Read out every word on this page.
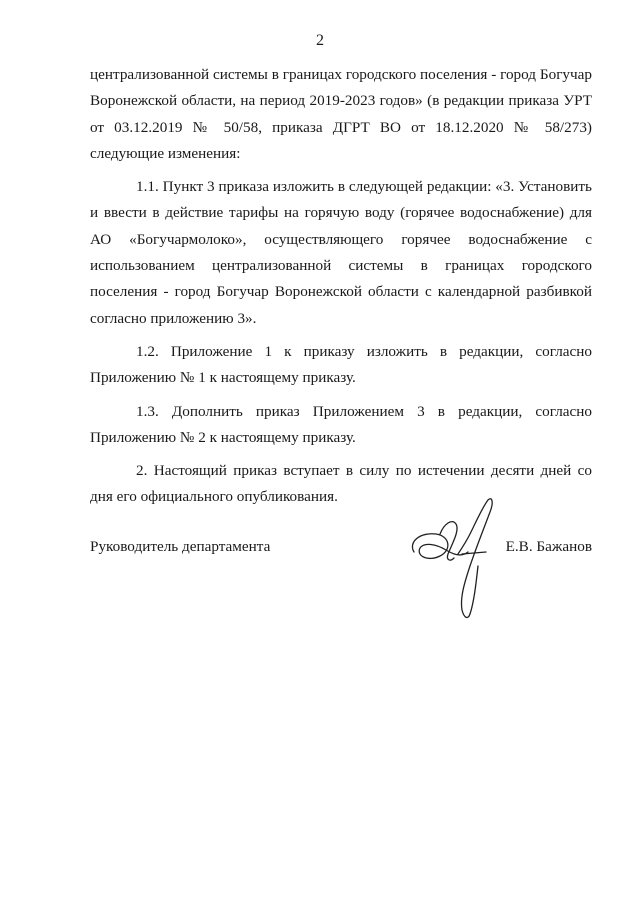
2

централизованной системы в границах городского поселения - город Богучар Воронежской области, на период 2019-2023 годов» (в редакции приказа УРТ от 03.12.2019 № 50/58, приказа ДГРТ ВО от 18.12.2020 № 58/273) следующие изменения:

1.1. Пункт 3 приказа изложить в следующей редакции: «3. Установить и ввести в действие тарифы на горячую воду (горячее водоснабжение) для АО «Богучармолоко», осуществляющего горячее водоснабжение с использованием централизованной системы в границах городского поселения - город Богучар Воронежской области с календарной разбивкой согласно приложению 3».

1.2. Приложение 1 к приказу изложить в редакции, согласно Приложению № 1 к настоящему приказу.

1.3. Дополнить приказ Приложением 3 в редакции, согласно Приложению № 2 к настоящему приказу.

2. Настоящий приказ вступает в силу по истечении десяти дней со дня его официального опубликования.

Руководитель департамента	Е.В. Бажанов
